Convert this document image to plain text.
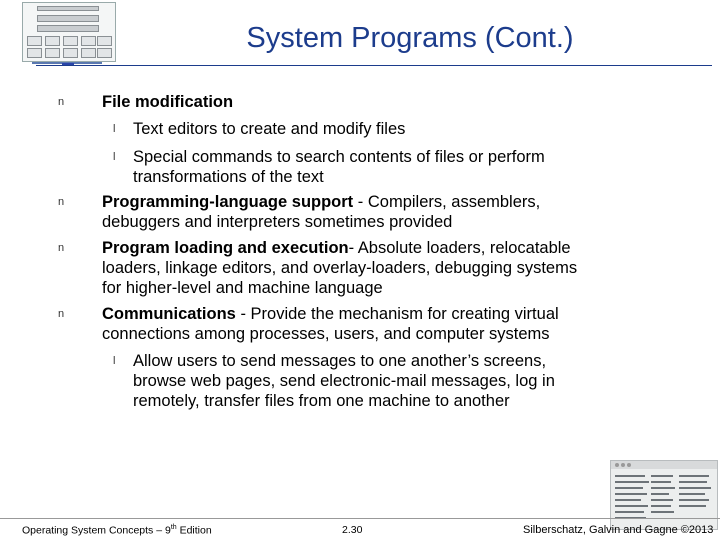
System Programs (Cont.)
n File modification

l Text editors to create and modify files

l Special commands to search contents of files or perform
transformations of the text

n Programming-language support - Compilers, assemblers,
debuggers and interpreters sometimes provided

n Program loading and execution- Absolute loaders, relocatable
loaders, linkage editors, and overlay-loaders, debugging systems
for higher-level and machine language

n Communications - Provide the mechanism for creating virtual
connections among processes, users, and computer systems

l Allow users to send messages to one another’s screens,
browse web pages, send electronic-mail messages, log in
remotely, transfer files from one machine to another

Operating System Concepts – 9th Edition	2.30	Silberschatz, Galvin and Gagne ©2013
